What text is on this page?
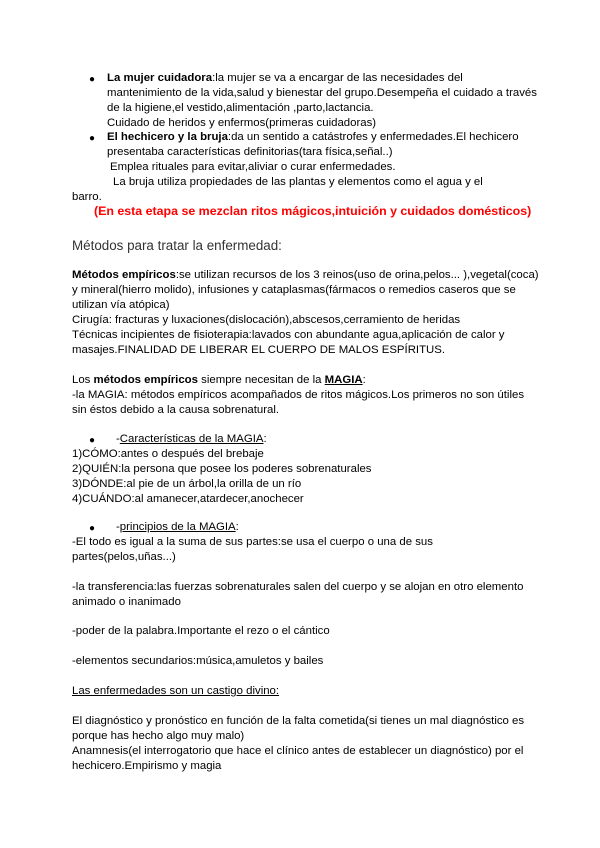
● La mujer cuidadora:la mujer se va a encargar de las necesidades del
mantenimiento de la vida,salud y bienestar del grupo.Desempeña el cuidado a través
de la higiene,el vestido,alimentación ,parto,lactancia.
Cuidado de heridos y enfermos(primeras cuidadoras)
● El hechicero y la bruja:da un sentido a catástrofes y enfermedades.El hechicero
presentaba características definitorias(tara física,señal..)
Emplea rituales para evitar,aliviar o curar enfermedades.
La bruja utiliza propiedades de las plantas y elementos como el agua y el
barro.
(En esta etapa se mezclan ritos mágicos,intuición y cuidados domésticos)
Métodos para tratar la enfermedad:
Métodos empíricos:se utilizan recursos de los 3 reinos(uso de orina,pelos... ),vegetal(coca)
y mineral(hierro molido), infusiones y cataplasmas(fármacos o remedios caseros que se
utilizan vía atópica)
Cirugía: fracturas y luxaciones(dislocación),abscesos,cerramiento de heridas
Técnicas incipientes de fisioterapia:lavados con abundante agua,aplicación de calor y
masajes.FINALIDAD DE LIBERAR EL CUERPO DE MALOS ESPÍRITUS.
Los métodos empíricos siempre necesitan de la MAGIA:
-la MAGIA: métodos empíricos acompañados de ritos mágicos.Los primeros no son útiles
sin éstos debido a la causa sobrenatural.
● -Características de la MAGIA:
1)CÓMO:antes o después del brebaje
2)QUIÉN:la persona que posee los poderes sobrenaturales
3)DÓNDE:al pie de un árbol,la orilla de un río
4)CUÁNDO:al amanecer,atardecer,anochecer
● -principios de la MAGIA:
-El todo es igual a la suma de sus partes:se usa el cuerpo o una de sus
partes(pelos,uñas...)
-la transferencia:las fuerzas sobrenaturales salen del cuerpo y se alojan en otro elemento
animado o inanimado
-poder de la palabra.Importante el rezo o el cántico
-elementos secundarios:música,amuletos y bailes
Las enfermedades son un castigo divino:
El diagnóstico y pronóstico en función de la falta cometida(si tienes un mal diagnóstico es
porque has hecho algo muy malo)
Anamnesis(el interrogatorio que hace el clínico antes de establecer un diagnóstico) por el
hechicero.Empirismo y magia
